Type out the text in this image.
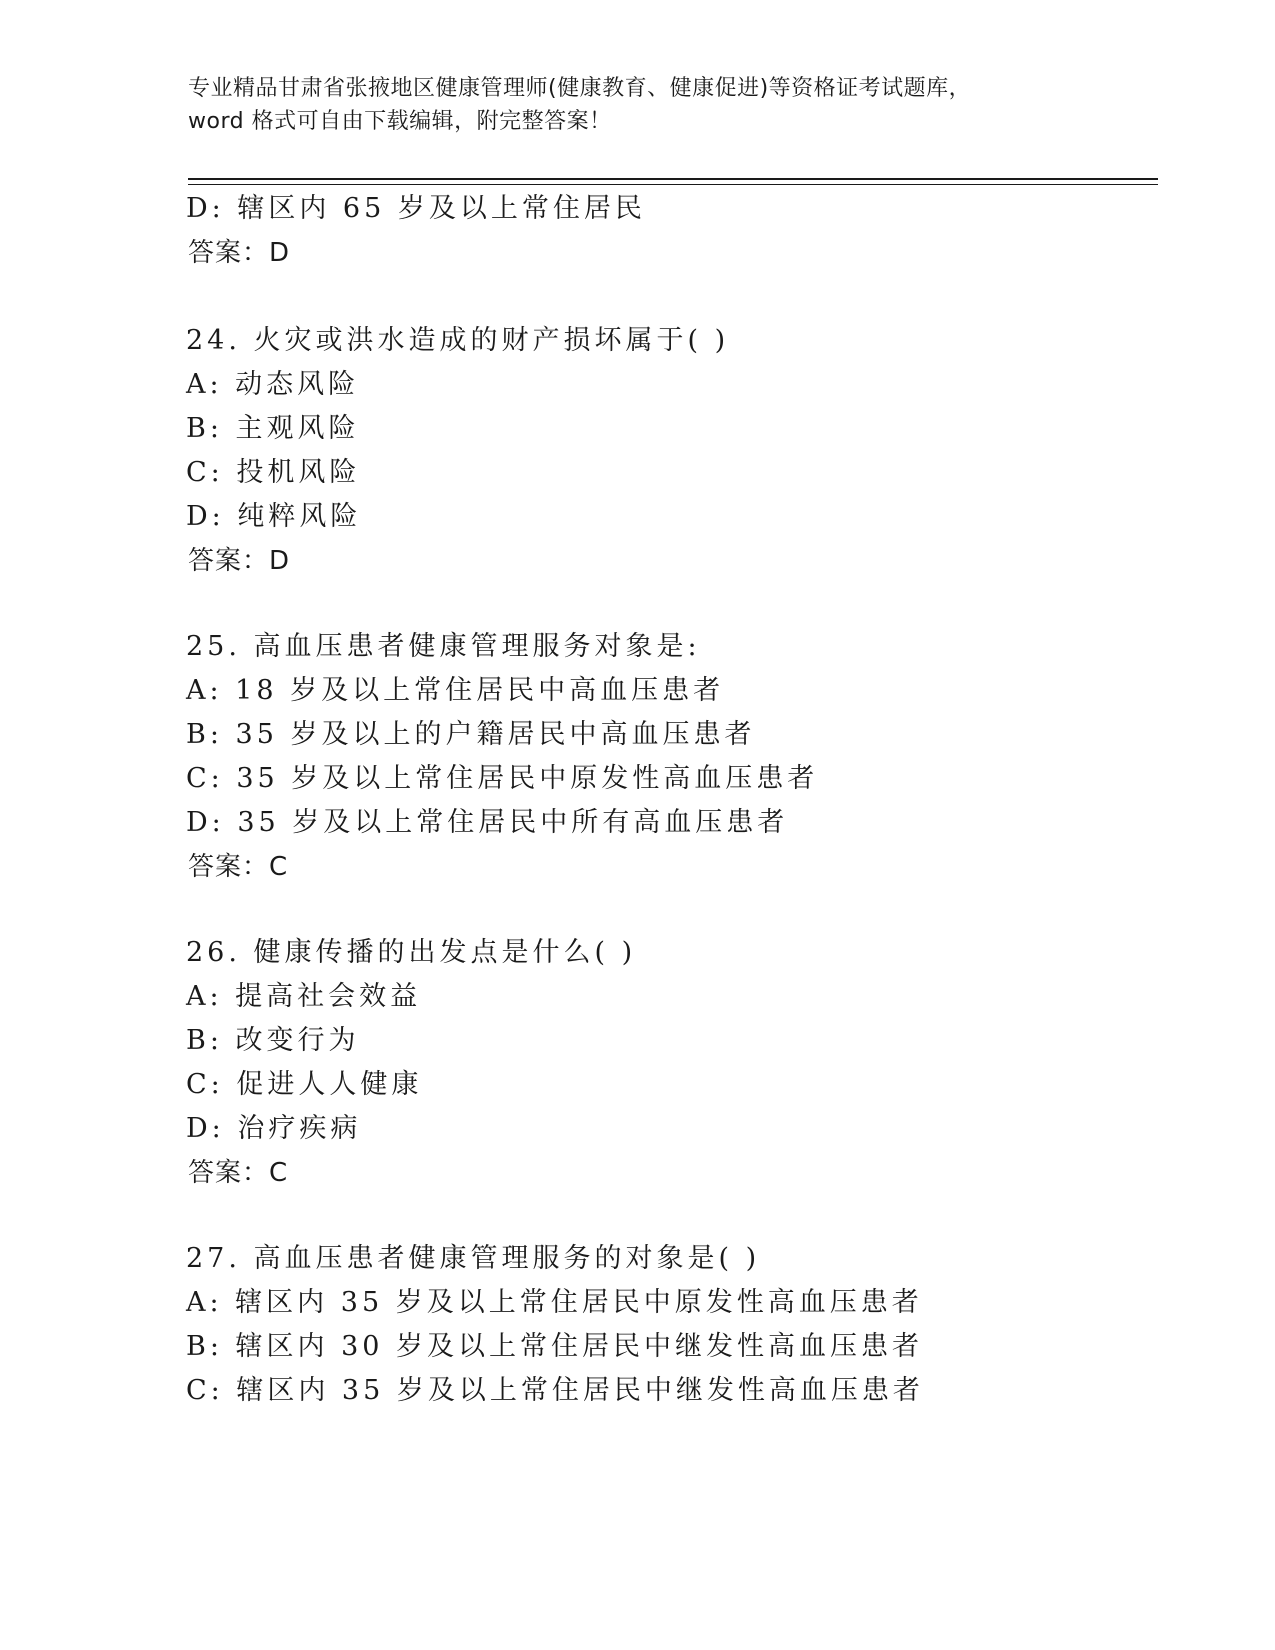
专业精品甘肃省张掖地区健康管理师(健康教育、健康促进)等资格证考试题库，
word 格式可自由下载编辑，附完整答案！
D: 辖区内 65 岁及以上常住居民
答案：D
24. 火灾或洪水造成的财产损坏属于( )
A: 动态风险
B: 主观风险
C: 投机风险
D: 纯粹风险
答案：D
25. 高血压患者健康管理服务对象是:
A: 18 岁及以上常住居民中高血压患者
B: 35 岁及以上的户籍居民中高血压患者
C: 35 岁及以上常住居民中原发性高血压患者
D: 35 岁及以上常住居民中所有高血压患者
答案：C
26. 健康传播的出发点是什么( )
A: 提高社会效益
B: 改变行为
C: 促进人人健康
D: 治疗疾病
答案：C
27. 高血压患者健康管理服务的对象是( )
A: 辖区内 35 岁及以上常住居民中原发性高血压患者
B: 辖区内 30 岁及以上常住居民中继发性高血压患者
C: 辖区内 35 岁及以上常住居民中继发性高血压患者
